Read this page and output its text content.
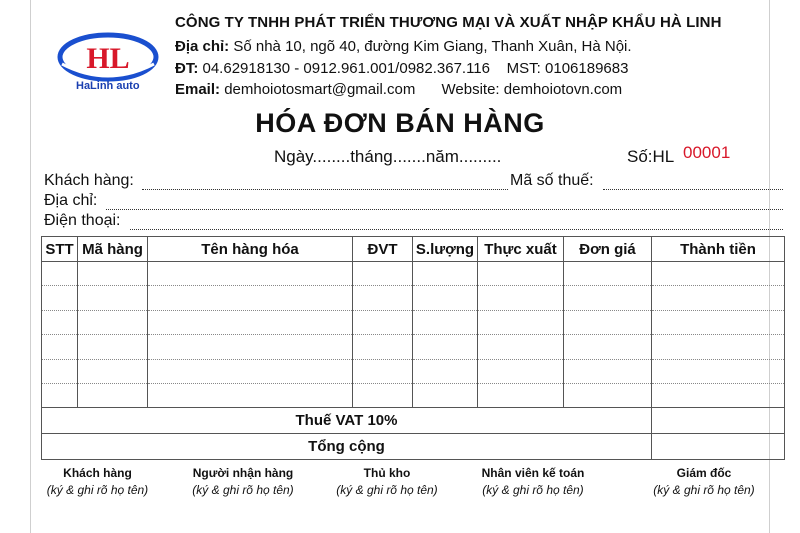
HL
HaLinh auto
CÔNG TY TNHH PHÁT TRIỂN THƯƠNG MẠI VÀ XUẤT NHẬP KHẨU HÀ LINH
Địa chỉ: Số nhà 10, ngõ 40, đường Kim Giang, Thanh Xuân, Hà Nội.
ĐT: 04.62918130 - 0912.961.001/0982.367.116 MST: 0106189683
Email: demhoiotosmart@gmail.com Website: demhoiotovn.com
HÓA ĐƠN BÁN HÀNG
Ngày........tháng.......năm.........	Số:HL 00001
Khách hàng:	Mã số thuế:
Địa chỉ:
Điện thoại:
STT	Mã hàng	Tên hàng hóa	ĐVT	S.lượng	Thực xuất	Đơn giá	Thành tiền

Thuế VAT 10%							
Tổng cộng							
Khách hàng
(ký & ghi rõ họ tên)
Người nhận hàng
(ký & ghi rõ họ tên)
Thủ kho
(ký & ghi rõ họ tên)
Nhân viên kế toán
(ký & ghi rõ họ tên)
Giám đốc
(ký & ghi rõ họ tên)
